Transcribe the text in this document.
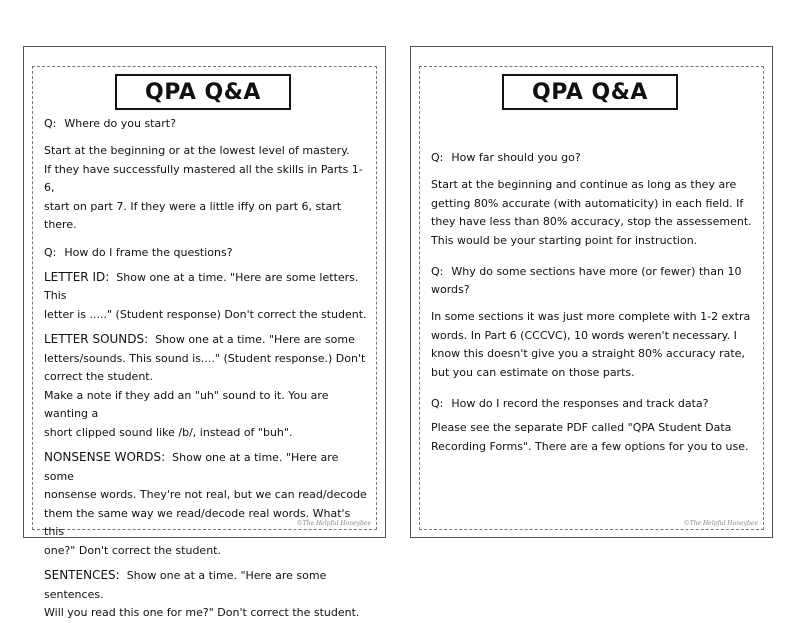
QPA Q&A

Q: Where do you start?

Start at the beginning or at the lowest level of mastery.

If they have successfully mastered all the skills in Parts 1-6,

start on part 7. If they were a little iffy on part 6, start

there.

Q: How do I frame the questions?

LETTER ID: Show one at a time. "Here are some letters. This

letter is ....." (Student response) Don't correct the student.

LETTER SOUNDS: Show one at a time. "Here are some

letters/sounds. This sound is...." (Student response.) Don't

correct the student.

Make a note if they add an "uh" sound to it. You are wanting a

short clipped sound like /b/, instead of "buh".

NONSENSE WORDS: Show one at a time. "Here are some

nonsense words. They're not real, but we can read/decode

them the same way we read/decode real words. What's this

one?" Don't correct the student.

SENTENCES: Show one at a time. "Here are some sentences.

Will you read this one for me?" Don't correct the student.

©The Helpful Honeybee
QPA Q&A

Q: How far should you go?

Start at the beginning and continue as long as they are

getting 80% accurate (with automaticity) in each field. If

they have less than 80% accuracy, stop the assessement.

This would be your starting point for instruction.

Q: Why do some sections have more (or fewer) than 10

words?

In some sections it was just more complete with 1-2 extra

words. In Part 6 (CCCVC), 10 words weren't necessary. I

know this doesn't give you a straight 80% accuracy rate,

but you can estimate on those parts.

Q: How do I record the responses and track data?

Please see the separate PDF called "QPA Student Data

Recording Forms". There are a few options for you to use.

©The Helpful Honeybee
